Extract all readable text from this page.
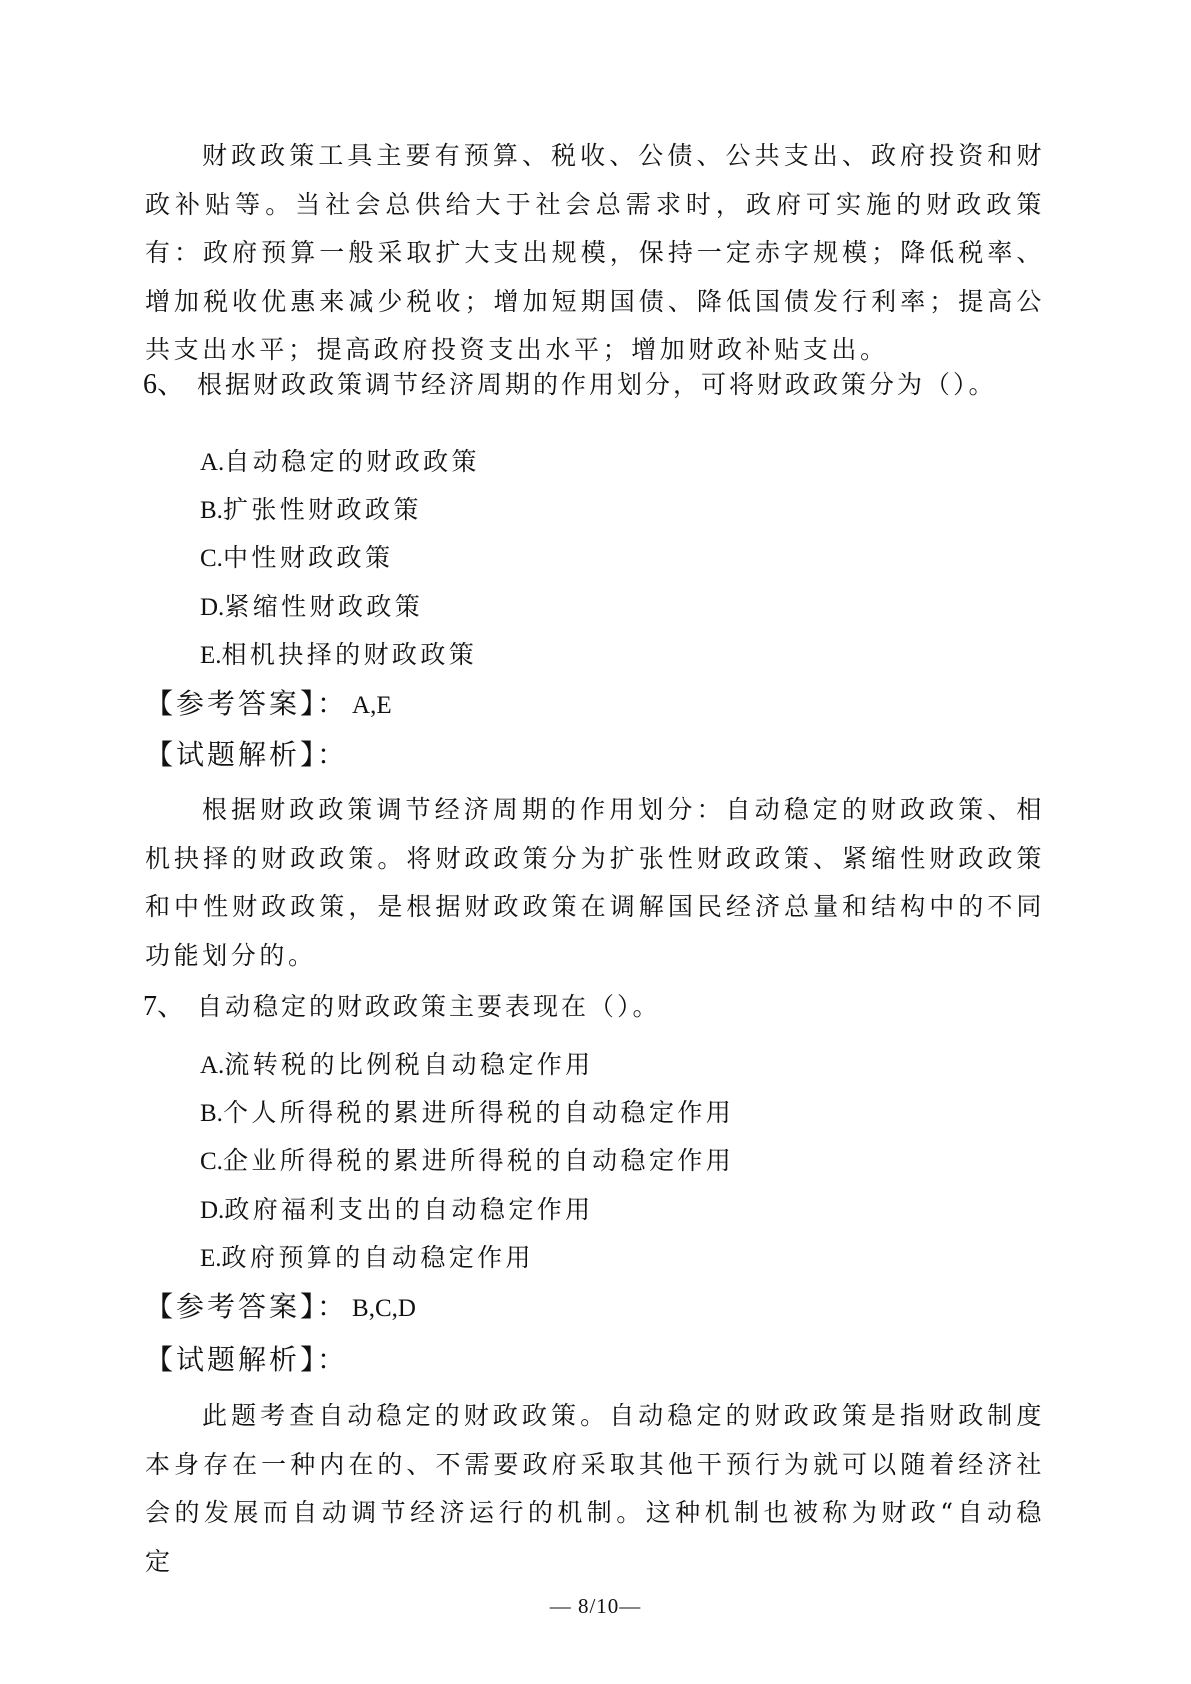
财政政策工具主要有预算、税收、公债、公共支出、政府投资和财政补贴等。当社会总供给大于社会总需求时，政府可实施的财政政策有：政府预算一般采取扩大支出规模，保持一定赤字规模；降低税率、增加税收优惠来减少税收；增加短期国债、降低国债发行利率；提高公共支出水平；提高政府投资支出水平；增加财政补贴支出。

6、 根据财政政策调节经济周期的作用划分，可将财政政策分为（）。
A.自动稳定的财政政策
B.扩张性财政政策
C.中性财政政策
D.紧缩性财政政策
E.相机抉择的财政政策
【参考答案】： A,E
【试题解析】：

根据财政政策调节经济周期的作用划分：自动稳定的财政政策、相机抉择的财政政策。将财政政策分为扩张性财政政策、紧缩性财政政策和中性财政政策，是根据财政政策在调解国民经济总量和结构中的不同功能划分的。

7、 自动稳定的财政政策主要表现在（）。
A.流转税的比例税自动稳定作用
B.个人所得税的累进所得税的自动稳定作用
C.企业所得税的累进所得税的自动稳定作用
D.政府福利支出的自动稳定作用
E.政府预算的自动稳定作用
【参考答案】： B,C,D
【试题解析】：

此题考查自动稳定的财政政策。自动稳定的财政政策是指财政制度本身存在一种内在的、不需要政府采取其他干预行为就可以随着经济社会的发展而自动调节经济运行的机制。这种机制也被称为财政“自动稳定

— 8/10—
